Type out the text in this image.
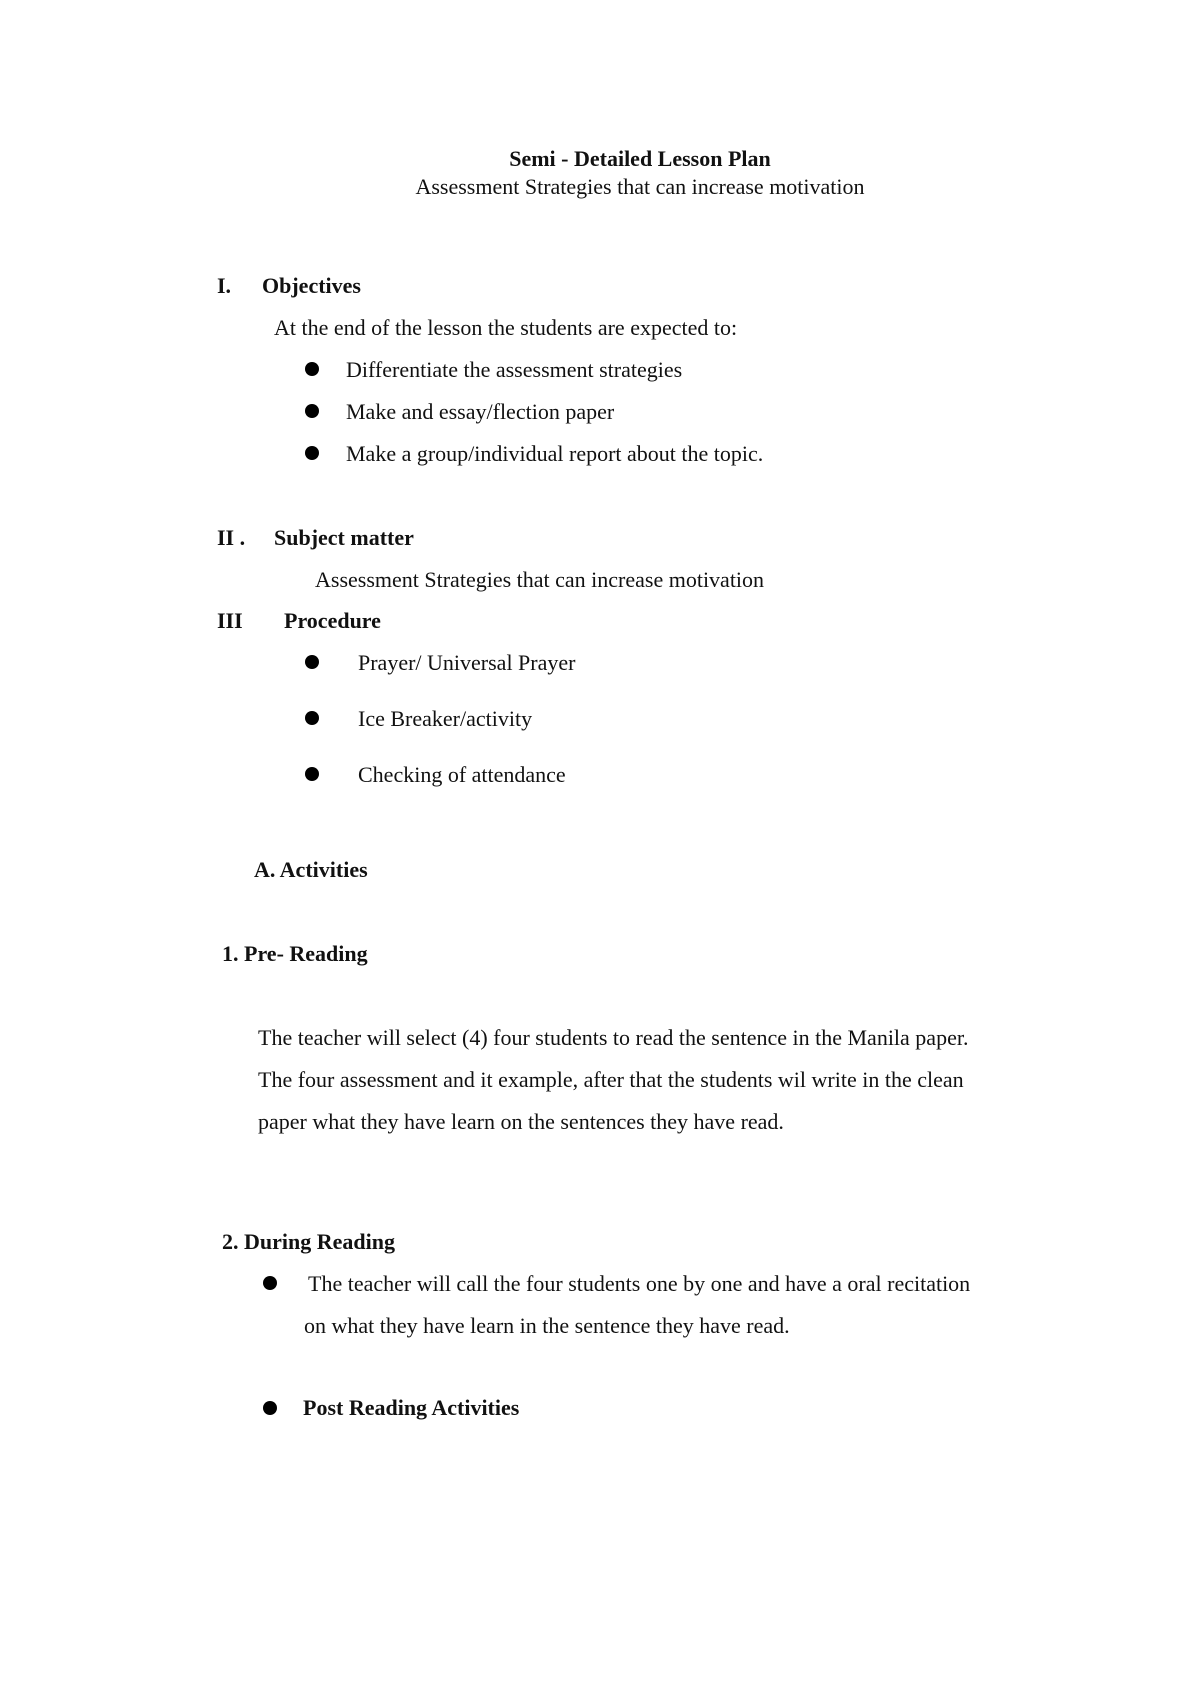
Semi - Detailed Lesson Plan
Assessment Strategies that can increase motivation
I. Objectives
At the end of the lesson the students are expected to:
Differentiate the assessment strategies
Make and essay/flection paper
Make a group/individual report about the topic.
II . Subject matter
Assessment Strategies that can increase motivation
III Procedure
Prayer/ Universal Prayer
Ice Breaker/activity
Checking of attendance
A. Activities
1. Pre- Reading
The teacher will select (4) four students to read the sentence in the Manila paper.
The four assessment and it example, after that the students wil write in the clean
paper what they have learn on the sentences they have read.
2. During Reading
The teacher will call the four students one by one and have a oral recitation
on what they have learn in the sentence they have read.
Post Reading Activities
